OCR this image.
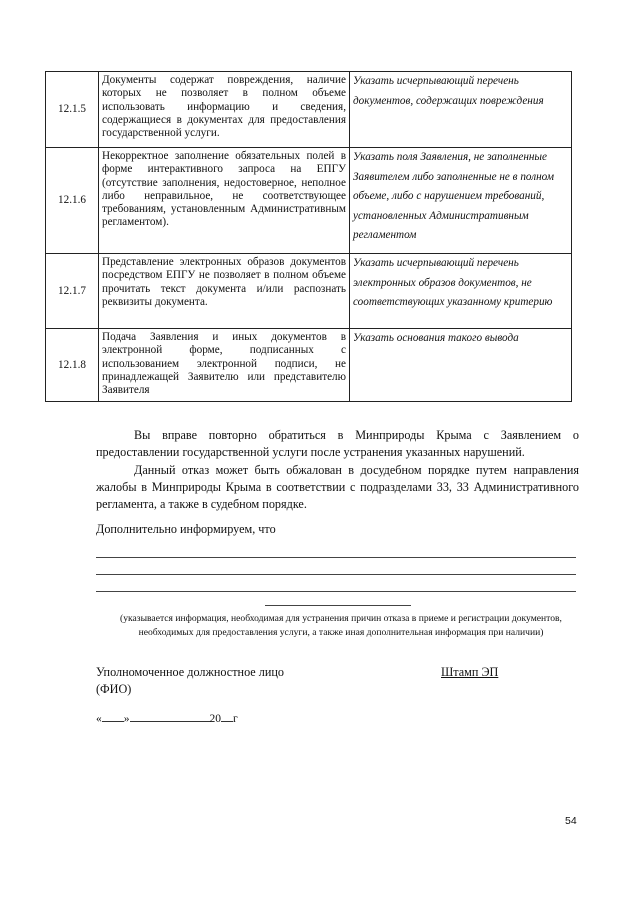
12.1.5	Документы содержат повреждения, наличие которых не позволяет в полном объеме использовать информацию и сведения, содержащиеся в документах для предоставления государственной услуги.	Указать исчерпывающий перечень документов, содержащих повреждения
12.1.6	Некорректное заполнение обязательных полей в форме интерактивного запроса на ЕПГУ (отсутствие заполнения, недостоверное, неполное либо неправильное, не соответствующее требованиям, установленным Административным регламентом).	Указать поля Заявления, не заполненные Заявителем либо заполненные не в полном объеме, либо с нарушением требований, установленных Административным регламентом
12.1.7	Представление электронных образов документов посредством ЕПГУ не позволяет в полном объеме прочитать текст документа и/или распознать реквизиты документа.	Указать исчерпывающий перечень электронных образов документов, не соответствующих указанному критерию
12.1.8	Подача Заявления и иных документов в электронной форме, подписанных с использованием электронной подписи, не принадлежащей Заявителю или представителю Заявителя	Указать основания такого вывода
Вы вправе повторно обратиться в Минприроды Крыма с Заявлением о предоставлении государственной услуги после устранения указанных нарушений.
Данный отказ может быть обжалован в досудебном порядке путем направления жалобы в Минприроды Крыма в соответствии с подразделами 33, 33 Административного регламента, а также в судебном порядке.
Дополнительно информируем, что
(указывается информация, необходимая для устранения причин отказа в приеме и регистрации документов,
необходимых для предоставления услуги, а также иная дополнительная информация при наличии)
Уполномоченное должностное лицо
(ФИО)
Штамп ЭП
« »	20 г
54
